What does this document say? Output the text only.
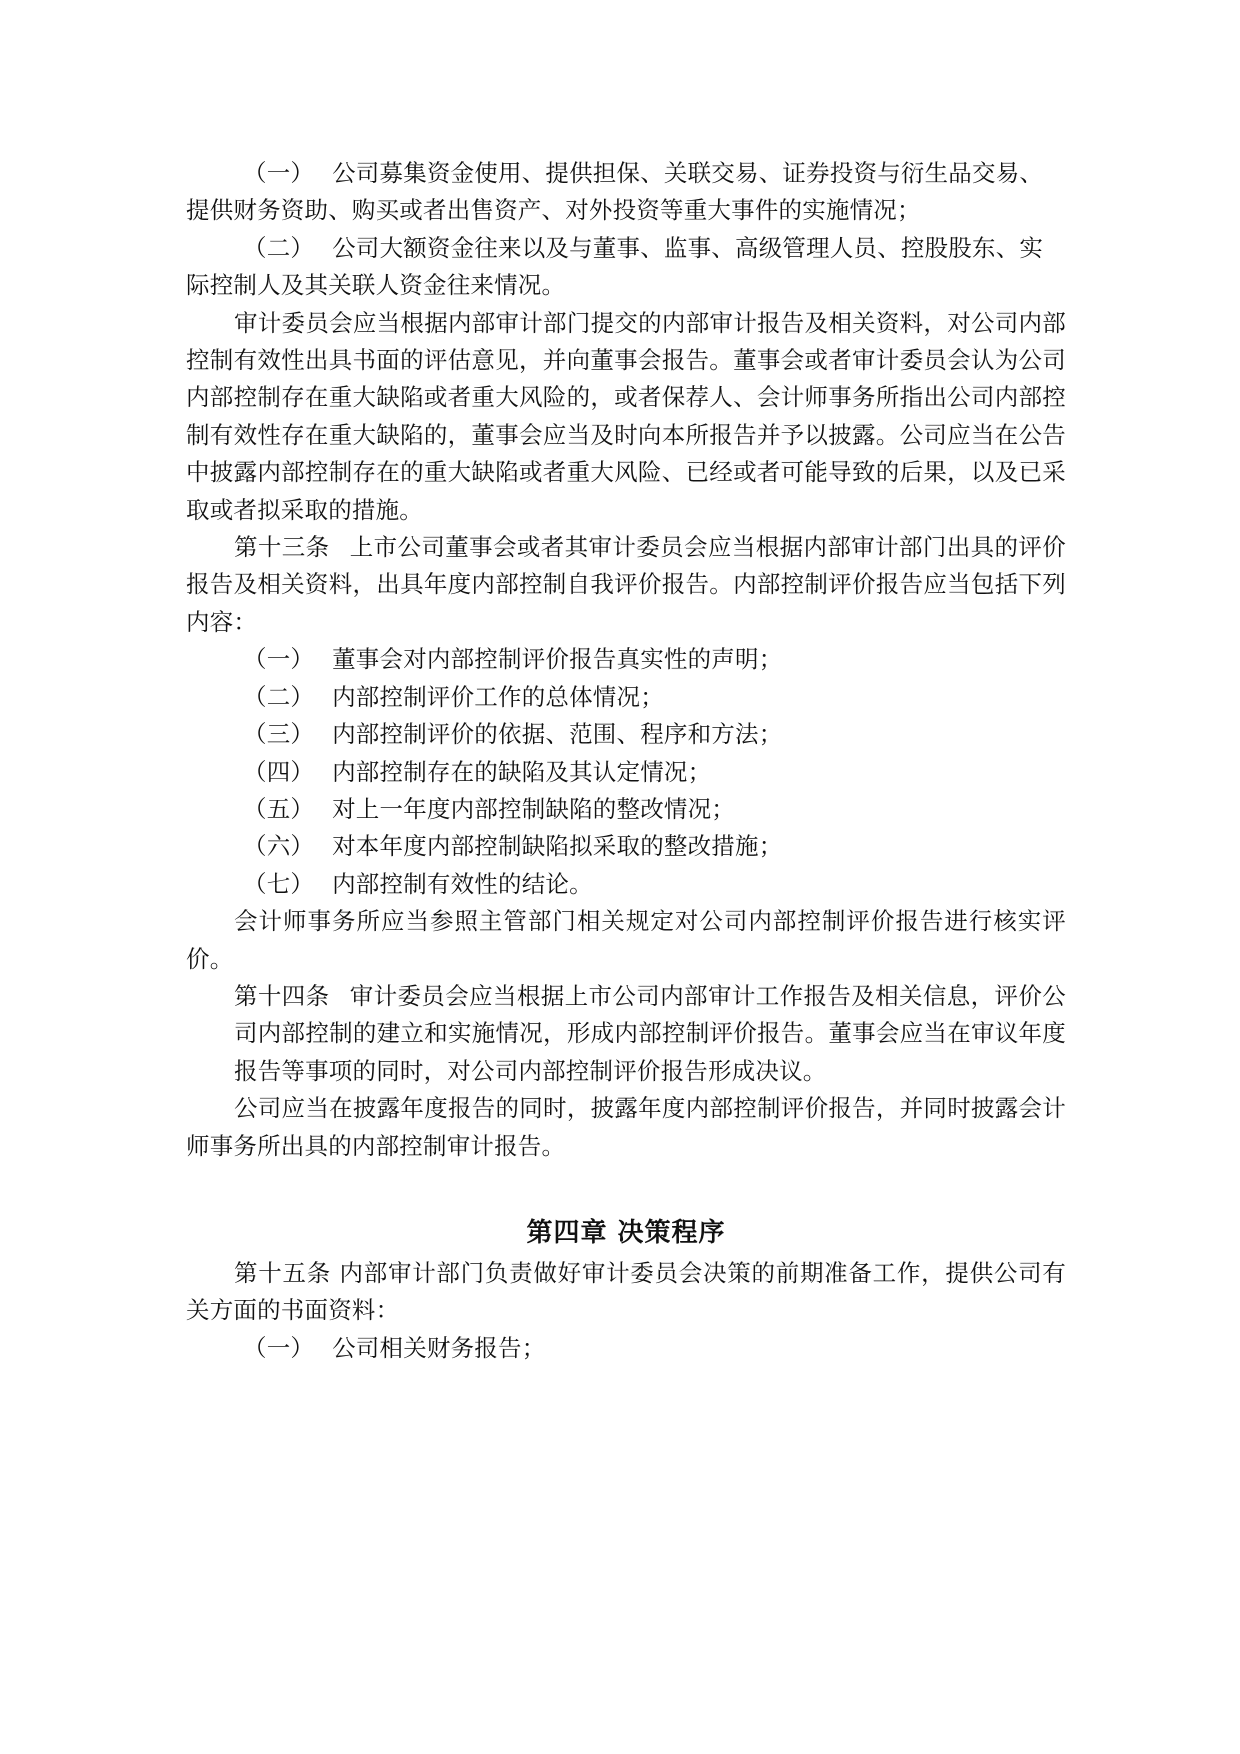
（一） 公司募集资金使用、提供担保、关联交易、证券投资与衍生品交易、提供财务资助、购买或者出售资产、对外投资等重大事件的实施情况；

（二） 公司大额资金往来以及与董事、监事、高级管理人员、控股股东、实际控制人及其关联人资金往来情况。

审计委员会应当根据内部审计部门提交的内部审计报告及相关资料，对公司内部控制有效性出具书面的评估意见，并向董事会报告。董事会或者审计委员会认为公司内部控制存在重大缺陷或者重大风险的，或者保荐人、会计师事务所指出公司内部控制有效性存在重大缺陷的，董事会应当及时向本所报告并予以披露。公司应当在公告中披露内部控制存在的重大缺陷或者重大风险、已经或者可能导致的后果，以及已采取或者拟采取的措施。

第十三条 上市公司董事会或者其审计委员会应当根据内部审计部门出具的评价报告及相关资料，出具年度内部控制自我评价报告。内部控制评价报告应当包括下列内容：

（一） 董事会对内部控制评价报告真实性的声明；

（二） 内部控制评价工作的总体情况；

（三） 内部控制评价的依据、范围、程序和方法；

（四） 内部控制存在的缺陷及其认定情况；

（五） 对上一年度内部控制缺陷的整改情况；

（六） 对本年度内部控制缺陷拟采取的整改措施；

（七） 内部控制有效性的结论。

会计师事务所应当参照主管部门相关规定对公司内部控制评价报告进行核实评价。

第十四条 审计委员会应当根据上市公司内部审计工作报告及相关信息，评价公司内部控制的建立和实施情况，形成内部控制评价报告。董事会应当在审议年度报告等事项的同时，对公司内部控制评价报告形成决议。

公司应当在披露年度报告的同时，披露年度内部控制评价报告，并同时披露会计师事务所出具的内部控制审计报告。

第四章 决策程序

第十五条 内部审计部门负责做好审计委员会决策的前期准备工作，提供公司有关方面的书面资料：

（一） 公司相关财务报告；
